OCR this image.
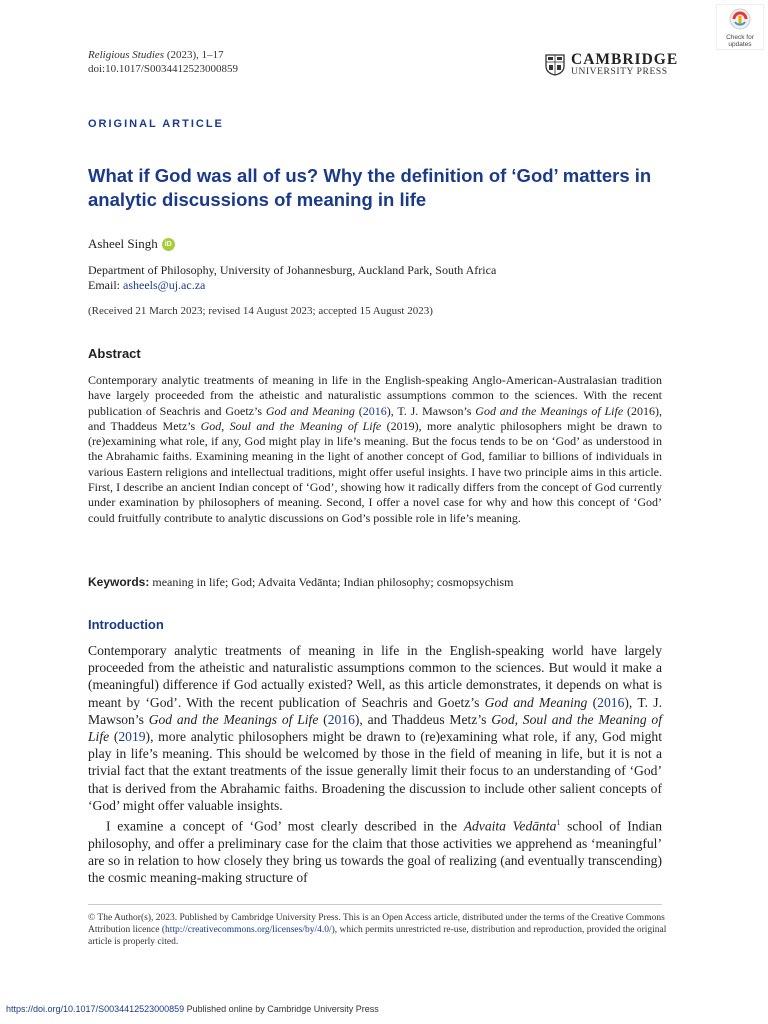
Religious Studies (2023), 1–17
doi:10.1017/S0034412523000859
Check for
updates
CAMBRIDGE
UNIVERSITY PRESS
ORIGINAL ARTICLE
What if God was all of us? Why the definition of ‘God’ matters in analytic discussions of meaning in life
Asheel Singh	iD
Department of Philosophy, University of Johannesburg, Auckland Park, South Africa
Email: asheels@uj.ac.za
(Received 21 March 2023; revised 14 August 2023; accepted 15 August 2023)
Abstract
Contemporary analytic treatments of meaning in life in the English-speaking Anglo-American-Australasian tradition have largely proceeded from the atheistic and naturalistic assumptions common to the sciences. With the recent publication of Seachris and Goetz’s God and Meaning (2016), T. J. Mawson’s God and the Meanings of Life (2016), and Thaddeus Metz’s God, Soul and the Meaning of Life (2019), more analytic philosophers might be drawn to (re)examining what role, if any, God might play in life’s meaning. But the focus tends to be on ‘God’ as understood in the Abrahamic faiths. Examining meaning in the light of another concept of God, familiar to billions of individuals in various Eastern religions and intellectual traditions, might offer useful insights. I have two principle aims in this article. First, I describe an ancient Indian concept of ‘God’, showing how it radically differs from the concept of God currently under examination by philosophers of meaning. Second, I offer a novel case for why and how this concept of ‘God’ could fruitfully contribute to analytic discussions on God’s possible role in life’s meaning.
Keywords: meaning in life; God; Advaita Vedānta; Indian philosophy; cosmopsychism
Introduction

Contemporary analytic treatments of meaning in life in the English-speaking world have largely proceeded from the atheistic and naturalistic assumptions common to the sciences. But would it make a (meaningful) difference if God actually existed? Well, as this article demonstrates, it depends on what is meant by ‘God’. With the recent publication of Seachris and Goetz’s God and Meaning (2016), T. J. Mawson’s God and the Meanings of Life (2016), and Thaddeus Metz’s God, Soul and the Meaning of Life (2019), more analytic philosophers might be drawn to (re)examining what role, if any, God might play in life’s meaning. This should be welcomed by those in the field of meaning in life, but it is not a trivial fact that the extant treatments of the issue generally limit their focus to an understanding of ‘God’ that is derived from the Abrahamic faiths. Broadening the discussion to include other salient concepts of ‘God’ might offer valuable insights.

I examine a concept of ‘God’ most clearly described in the Advaita Vedānta$^1$ school of Indian philosophy, and offer a preliminary case for the claim that those activities we apprehend as ‘meaningful’ are so in relation to how closely they bring us towards the goal of realizing (and eventually transcending) the cosmic meaning-making structure of

© The Author(s), 2023. Published by Cambridge University Press. This is an Open Access article, distributed under the terms of the Creative Commons Attribution licence (http://creativecommons.org/licenses/by/4.0/), which permits unrestricted re-use, distribution and reproduction, provided the original article is properly cited.
https://doi.org/10.1017/S0034412523000859 Published online by Cambridge University Press
